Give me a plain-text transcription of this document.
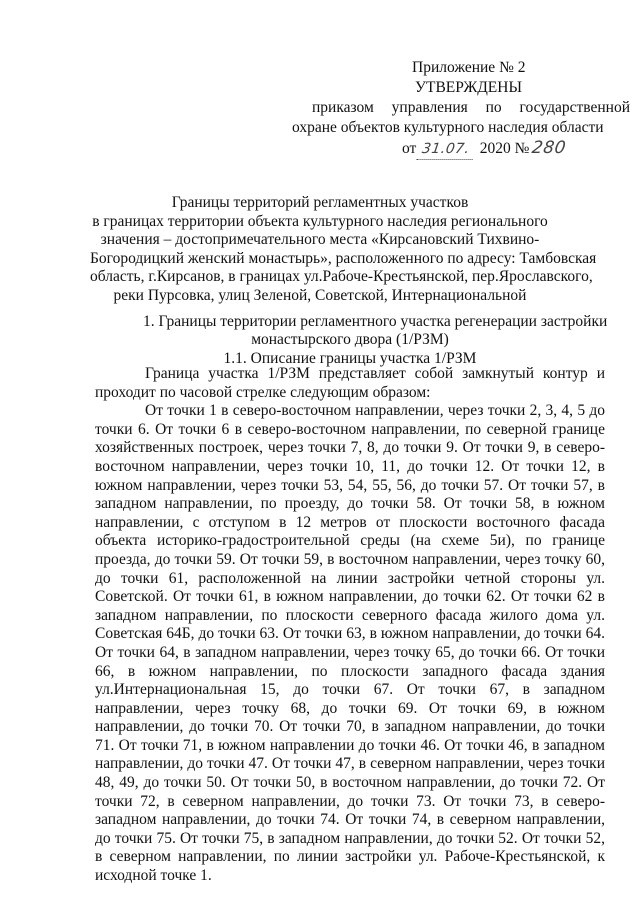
Приложение № 2
УТВЕРЖДЕНЫ
приказом управления по государственной
охране объектов культурного наследия области
от 31.07. 2020 №280
Границы территорий регламентных участков
в границах территории объекта культурного наследия регионального
значения – достопримечательного места «Кирсановский Тихвино-
Богородицкий женский монастырь», расположенного по адресу: Тамбовская
область, г.Кирсанов, в границах ул.Рабоче-Крестьянской, пер.Ярославского,
реки Пурсовка, улиц Зеленой, Советской, Интернациональной
1. Границы территории регламентного участка регенерации застройки
монастырского двора (1/РЗМ)
1.1. Описание границы участка 1/РЗМ

Граница участка 1/РЗМ представляет собой замкнутый контур и проходит по часовой стрелке следующим образом:

От точки 1 в северо-восточном направлении, через точки 2, 3, 4, 5 до точки 6. От точки 6 в северо-восточном направлении, по северной границе хозяйственных построек, через точки 7, 8, до точки 9. От точки 9, в северо-восточном направлении, через точки 10, 11, до точки 12. От точки 12, в южном направлении, через точки 53, 54, 55, 56, до точки 57. От точки 57, в западном направлении, по проезду, до точки 58. От точки 58, в южном направлении, с отступом в 12 метров от плоскости восточного фасада объекта историко-градостроительной среды (на схеме 5и), по границе проезда, до точки 59. От точки 59, в восточном направлении, через точку 60, до точки 61, расположенной на линии застройки четной стороны ул. Советской. От точки 61, в южном направлении, до точки 62. От точки 62 в западном направлении, по плоскости северного фасада жилого дома ул. Советская 64Б, до точки 63. От точки 63, в южном направлении, до точки 64. От точки 64, в западном направлении, через точку 65, до точки 66. От точки 66, в южном направлении, по плоскости западного фасада здания ул.Интернациональная 15, до точки 67. От точки 67, в западном направлении, через точку 68, до точки 69. От точки 69, в южном направлении, до точки 70. От точки 70, в западном направлении, до точки 71. От точки 71, в южном направлении до точки 46. От точки 46, в западном направлении, до точки 47. От точки 47, в северном направлении, через точки 48, 49, до точки 50. От точки 50, в восточном направлении, до точки 72. От точки 72, в северном направлении, до точки 73. От точки 73, в северо-западном направлении, до точки 74. От точки 74, в северном направлении, до точки 75. От точки 75, в западном направлении, до точки 52. От точки 52, в северном направлении, по линии застройки ул. Рабоче-Крестьянской, к исходной точке 1.
